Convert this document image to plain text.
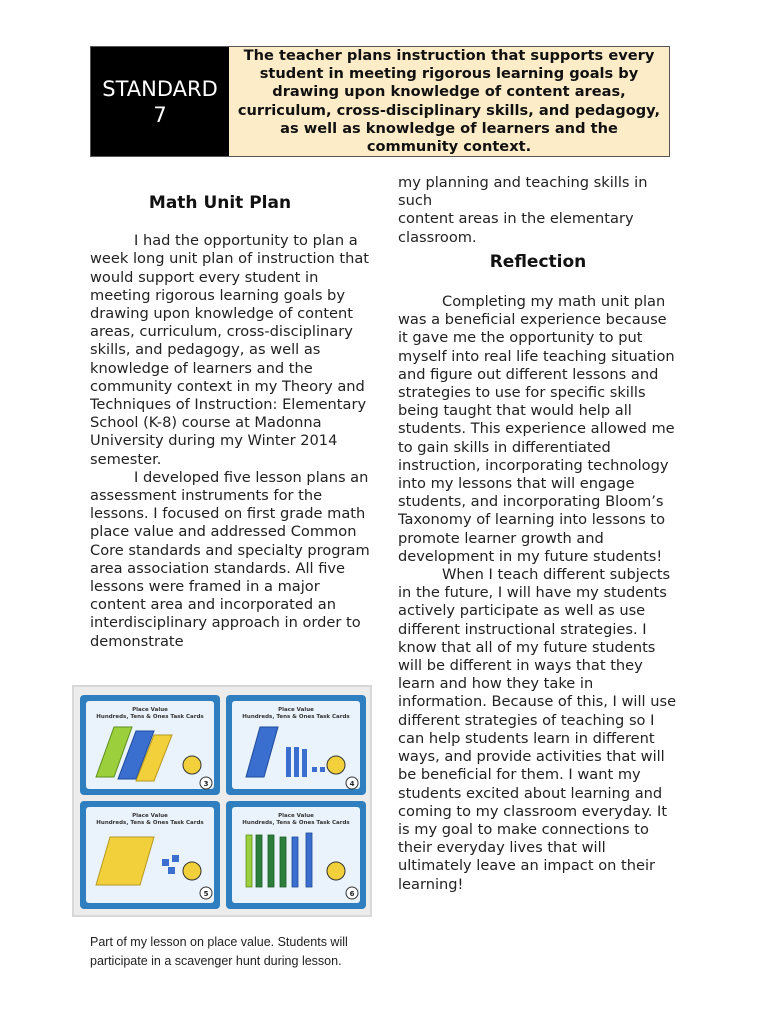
STANDARD
7
The teacher plans instruction that supports every student in meeting rigorous learning goals by drawing upon knowledge of content areas, curriculum, cross-disciplinary skills, and pedagogy, as well as knowledge of learners and the community context.
Math Unit Plan

I had the opportunity to plan a week long unit plan of instruction that would support every student in meeting rigorous learning goals by drawing upon knowledge of content areas, curriculum, cross-disciplinary skills, and pedagogy, as well as knowledge of learners and the community context in my Theory and Techniques of Instruction: Elementary School (K-8) course at Madonna University during my Winter 2014 semester.

I developed five lesson plans an assessment instruments for the lessons. I focused on first grade math place value and addressed Common Core standards and specialty program area association standards. All five lessons were framed in a major content area and incorporated an interdisciplinary approach in order to demonstrate

my planning and teaching skills in such

content areas in the elementary classroom.

Reflection

Completing my math unit plan was a beneficial experience because it gave me the opportunity to put myself into real life teaching situation and figure out different lessons and strategies to use for specific skills being taught that would help all students. This experience allowed me to gain skills in differentiated instruction, incorporating technology into my lessons that will engage students, and incorporating Bloom’s Taxonomy of learning into lessons to promote learner growth and development in my future students!

When I teach different subjects in the future, I will have my students actively participate as well as use different instructional strategies. I know that all of my future students will be different in ways that they learn and how they take in information. Because of this, I will use different strategies of teaching so I can help students learn in different ways, and provide activities that will be beneficial for them. I want my students excited about learning and coming to my classroom everyday. It is my goal to make connections to their everyday lives that will ultimately leave an impact on their learning!

Place Value
Hundreds, Tens & Ones Task Cards
3
Place Value
Hundreds, Tens & Ones Task Cards
4
Place Value
Hundreds, Tens & Ones Task Cards
5
Place Value
Hundreds, Tens & Ones Task Cards
6
Part of my lesson on place value. Students will
participate in a scavenger hunt during lesson.
